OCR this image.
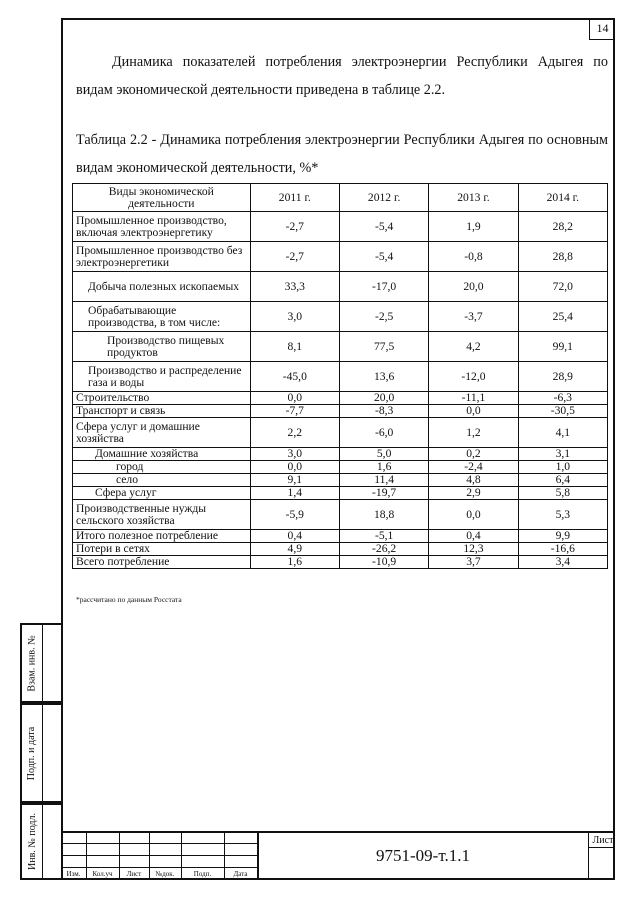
14

Динамика показателей потребления электроэнергии Республики Адыгея по видам экономической деятельности приведена в таблице 2.2.

Таблица 2.2 - Динамика потребления электроэнергии Республики Адыгея по основным видам экономической деятельности, %*

Виды экономической деятельности	2011 г.	2012 г.	2013 г.	2014 г.
Промышленное производство, включая электроэнергетику	-2,7	-5,4	1,9	28,2
Промышленное производство без электроэнергетики	-2,7	-5,4	-0,8	28,8
Добыча полезных ископаемых	33,3	-17,0	20,0	72,0
Обрабатывающие производства, в том числе:	3,0	-2,5	-3,7	25,4
Производство пищевых продуктов	8,1	77,5	4,2	99,1
Производство и распределение газа и воды	-45,0	13,6	-12,0	28,9
Строительство	0,0	20,0	-11,1	-6,3
Транспорт и связь	-7,7	-8,3	0,0	-30,5
Сфера услуг и домашние хозяйства	2,2	-6,0	1,2	4,1
Домашние хозяйства	3,0	5,0	0,2	3,1
город	0,0	1,6	-2,4	1,0
село	9,1	11,4	4,8	6,4
Сфера услуг	1,4	-19,7	2,9	5,8
Производственные нужды сельского хозяйства	-5,9	18,8	0,0	5,3
Итого полезное потребление	0,4	-5,1	0,4	9,9
Потери в сетях	4,9	-26,2	12,3	-16,6
Всего потребление	1,6	-10,9	3,7	3,4

*рассчитано по данным Росстата

Взам. инв. №
Подп. и дата
Инв. № подл.
Изм.	Кол.уч	Лист	№док.	Подп.	Дата
9751-09-т.1.1
Лист
